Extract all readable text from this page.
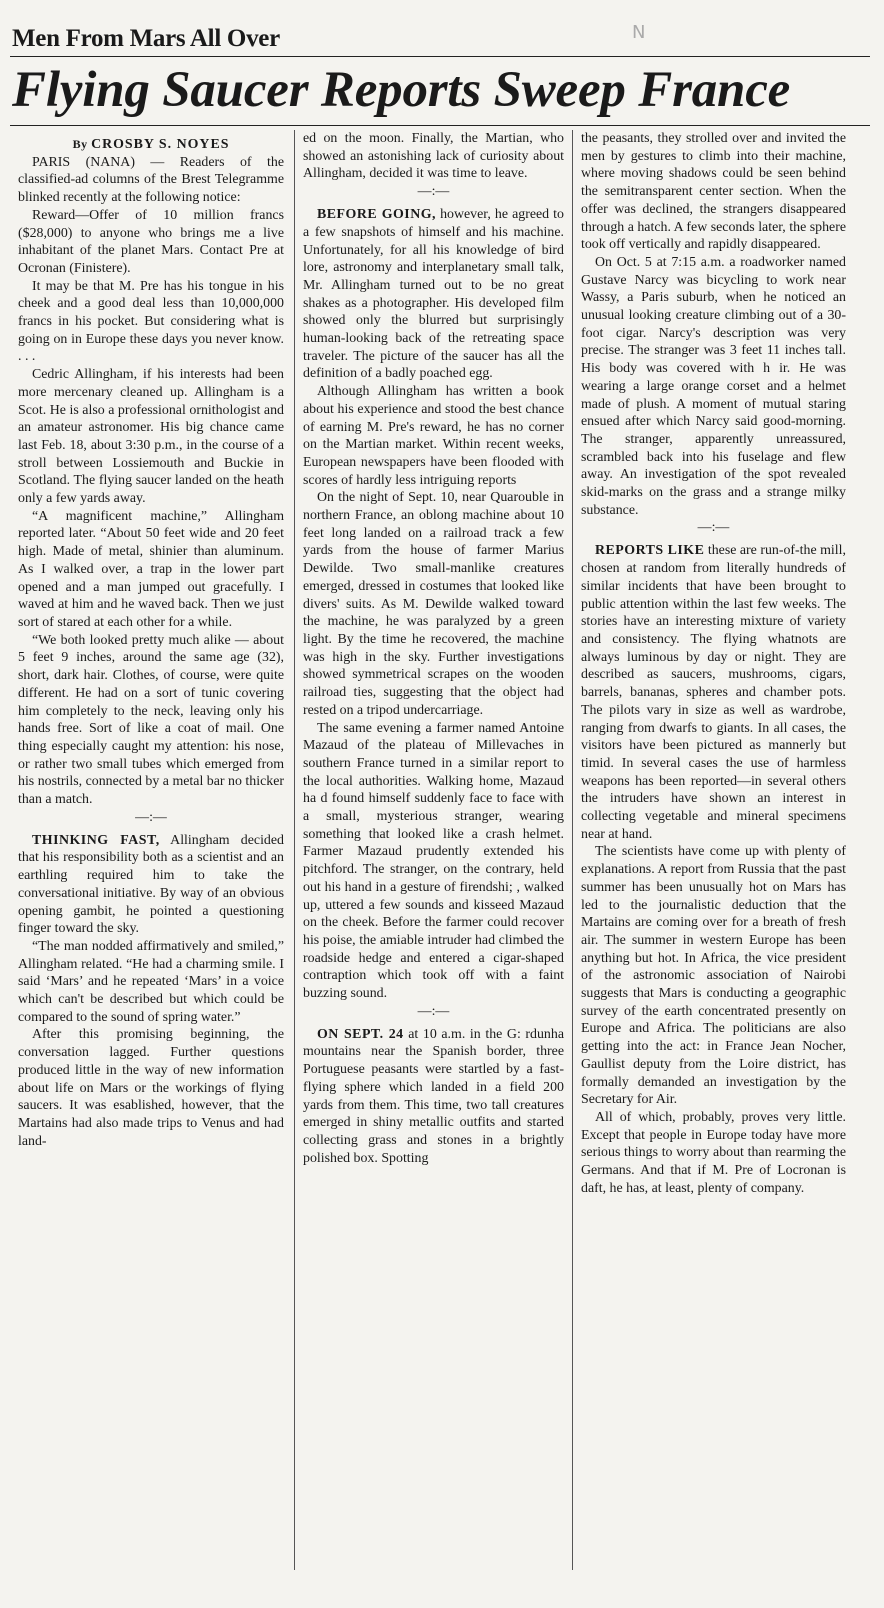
N
Men From Mars All Over
Flying Saucer Reports Sweep France

By CROSBY S. NOYES

PARIS (NANA) — Readers of the classified-ad columns of the Brest Telegramme blinked recently at the following notice:

Reward—Offer of 10 million francs ($28,000) to anyone who brings me a live inhabitant of the planet Mars. Contact Pre at Ocronan (Finistere).

It may be that M. Pre has his tongue in his cheek and a good deal less than 10,000,000 francs in his pocket. But considering what is going on in Europe these days you never know. . . .

Cedric Allingham, if his interests had been more mercenary cleaned up. Allingham is a Scot. He is also a professional ornithologist and an amateur astronomer. His big chance came last Feb. 18, about 3:30 p.m., in the course of a stroll between Lossiemouth and Buckie in Scotland. The flying saucer landed on the heath only a few yards away.

“A magnificent machine,” Allingham reported later. “About 50 feet wide and 20 feet high. Made of metal, shinier than aluminum. As I walked over, a trap in the lower part opened and a man jumped out gracefully. I waved at him and he waved back. Then we just sort of stared at each other for a while.

“We both looked pretty much alike — about 5 feet 9 inches, around the same age (32), short, dark hair. Clothes, of course, were quite different. He had on a sort of tunic covering him completely to the neck, leaving only his hands free. Sort of like a coat of mail. One thing especially caught my attention: his nose, or rather two small tubes which emerged from his nostrils, connected by a metal bar no thicker than a match.

—:—

THINKING FAST, Allingham decided that his responsibility both as a scientist and an earthling required him to take the conversational initiative. By way of an obvious opening gambit, he pointed a questioning finger toward the sky.

“The man nodded affirmatively and smiled,” Allingham related. “He had a charming smile. I said ‘Mars’ and he repeated ‘Mars’ in a voice which can't be described but which could be compared to the sound of spring water.”

After this promising beginning, the conversation lagged. Further questions produced little in the way of new information about life on Mars or the workings of flying saucers. It was esablished, however, that the Martains had also made trips to Venus and had land-

ed on the moon. Finally, the Martian, who showed an astonishing lack of curiosity about Allingham, decided it was time to leave.

—:—

BEFORE GOING, however, he agreed to a few snapshots of himself and his machine. Unfortunately, for all his knowledge of bird lore, astronomy and interplanetary small talk, Mr. Allingham turned out to be no great shakes as a photographer. His developed film showed only the blurred but surprisingly human-looking back of the retreating space traveler. The picture of the saucer has all the definition of a badly poached egg.

Although Allingham has written a book about his experience and stood the best chance of earning M. Pre's reward, he has no corner on the Martian market. Within recent weeks, European newspapers have been flooded with scores of hardly less intriguing reports

On the night of Sept. 10, near Quarouble in northern France, an oblong machine about 10 feet long landed on a railroad track a few yards from the house of farmer Marius Dewilde. Two small-manlike creatures emerged, dressed in costumes that looked like divers' suits. As M. Dewilde walked toward the machine, he was paralyzed by a green light. By the time he recovered, the machine was high in the sky. Further investigations showed symmetrical scrapes on the wooden railroad ties, suggesting that the object had rested on a tripod undercarriage.

The same evening a farmer named Antoine Mazaud of the plateau of Millevaches in southern France turned in a similar report to the local authorities. Walking home, Mazaud ha d found himself suddenly face to face with a small, mysterious stranger, wearing something that looked like a crash helmet. Farmer Mazaud prudently extended his pitchford. The stranger, on the contrary, held out his hand in a gesture of firendshi; , walked up, uttered a few sounds and kisseed Mazaud on the cheek. Before the farmer could recover his poise, the amiable intruder had climbed the roadside hedge and entered a cigar-shaped contraption which took off with a faint buzzing sound.

—:—

ON SEPT. 24 at 10 a.m. in the G: rdunha mountains near the Spanish border, three Portuguese peasants were startled by a fast-flying sphere which landed in a field 200 yards from them. This time, two tall creatures emerged in shiny metallic outfits and started collecting grass and stones in a brightly polished box. Spotting

the peasants, they strolled over and invited the men by gestures to climb into their machine, where moving shadows could be seen behind the semitransparent center section. When the offer was declined, the strangers disappeared through a hatch. A few seconds later, the sphere took off vertically and rapidly disappeared.

On Oct. 5 at 7:15 a.m. a roadworker named Gustave Narcy was bicycling to work near Wassy, a Paris suburb, when he noticed an unusual looking creature climbing out of a 30-foot cigar. Narcy's description was very precise. The stranger was 3 feet 11 inches tall. His body was covered with h ir. He was wearing a large orange corset and a helmet made of plush. A moment of mutual staring ensued after which Narcy said good-morning. The stranger, apparently unreassured, scrambled back into his fuselage and flew away. An investigation of the spot revealed skid-marks on the grass and a strange milky substance.

—:—

REPORTS LIKE these are run-of-the mill, chosen at random from literally hundreds of similar incidents that have been brought to public attention within the last few weeks. The stories have an interesting mixture of variety and consistency. The flying whatnots are always luminous by day or night. They are described as saucers, mushrooms, cigars, barrels, bananas, spheres and chamber pots. The pilots vary in size as well as wardrobe, ranging from dwarfs to giants. In all cases, the visitors have been pictured as mannerly but timid. In several cases the use of harmless weapons has been reported—in several others the intruders have shown an interest in collecting vegetable and mineral specimens near at hand.

The scientists have come up with plenty of explanations. A report from Russia that the past summer has been unusually hot on Mars has led to the journalistic deduction that the Martains are coming over for a breath of fresh air. The summer in western Europe has been anything but hot. In Africa, the vice president of the astronomic association of Nairobi suggests that Mars is conducting a geographic survey of the earth concentrated presently on Europe and Africa. The politicians are also getting into the act: in France Jean Nocher, Gaullist deputy from the Loire district, has formally demanded an investigation by the Secretary for Air.

All of which, probably, proves very little. Except that people in Europe today have more serious things to worry about than rearming the Germans. And that if M. Pre of Locronan is daft, he has, at least, plenty of company.
